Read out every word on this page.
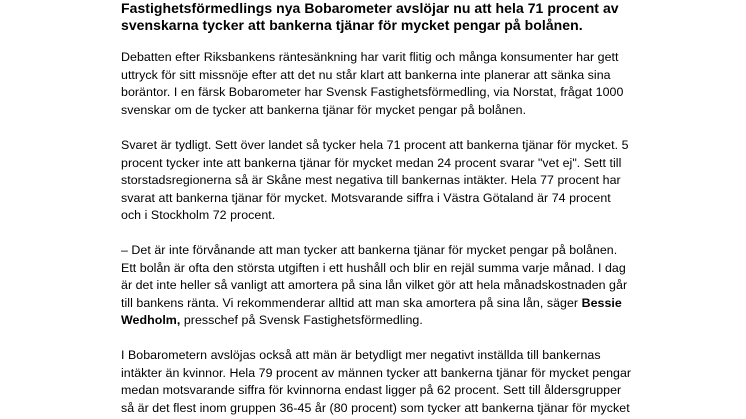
Fastighetsförmedlings nya Bobarometer avslöjar nu att hela 71 procent av
svenskarna tycker att bankerna tjänar för mycket pengar på bolånen.

Debatten efter Riksbankens räntesänkning har varit flitig och många konsumenter har gett
uttryck för sitt missnöje efter att det nu står klart att bankerna inte planerar att sänka sina
boräntor. I en färsk Bobarometer har Svensk Fastighetsförmedling, via Norstat, frågat 1000
svenskar om de tycker att bankerna tjänar för mycket pengar på bolånen.

Svaret är tydligt. Sett över landet så tycker hela 71 procent att bankerna tjänar för mycket. 5
procent tycker inte att bankerna tjänar för mycket medan 24 procent svarar "vet ej". Sett till
storstadsregionerna så är Skåne mest negativa till bankernas intäkter. Hela 77 procent har
svarat att bankerna tjänar för mycket. Motsvarande siffra i Västra Götaland är 74 procent
och i Stockholm 72 procent.

– Det är inte förvånande att man tycker att bankerna tjänar för mycket pengar på bolånen.
Ett bolån är ofta den största utgiften i ett hushåll och blir en rejäl summa varje månad. I dag
är det inte heller så vanligt att amortera på sina lån vilket gör att hela månadskostnaden går
till bankens ränta. Vi rekommenderar alltid att man ska amortera på sina lån, säger Bessie
Wedholm, presschef på Svensk Fastighetsförmedling.

I Bobarometern avslöjas också att män är betydligt mer negativt inställda till bankernas
intäkter än kvinnor. Hela 79 procent av männen tycker att bankerna tjänar för mycket pengar
medan motsvarande siffra för kvinnorna endast ligger på 62 procent. Sett till åldersgrupper
så är det flest inom gruppen 36-45 år (80 procent) som tycker att bankerna tjänar för mycket
